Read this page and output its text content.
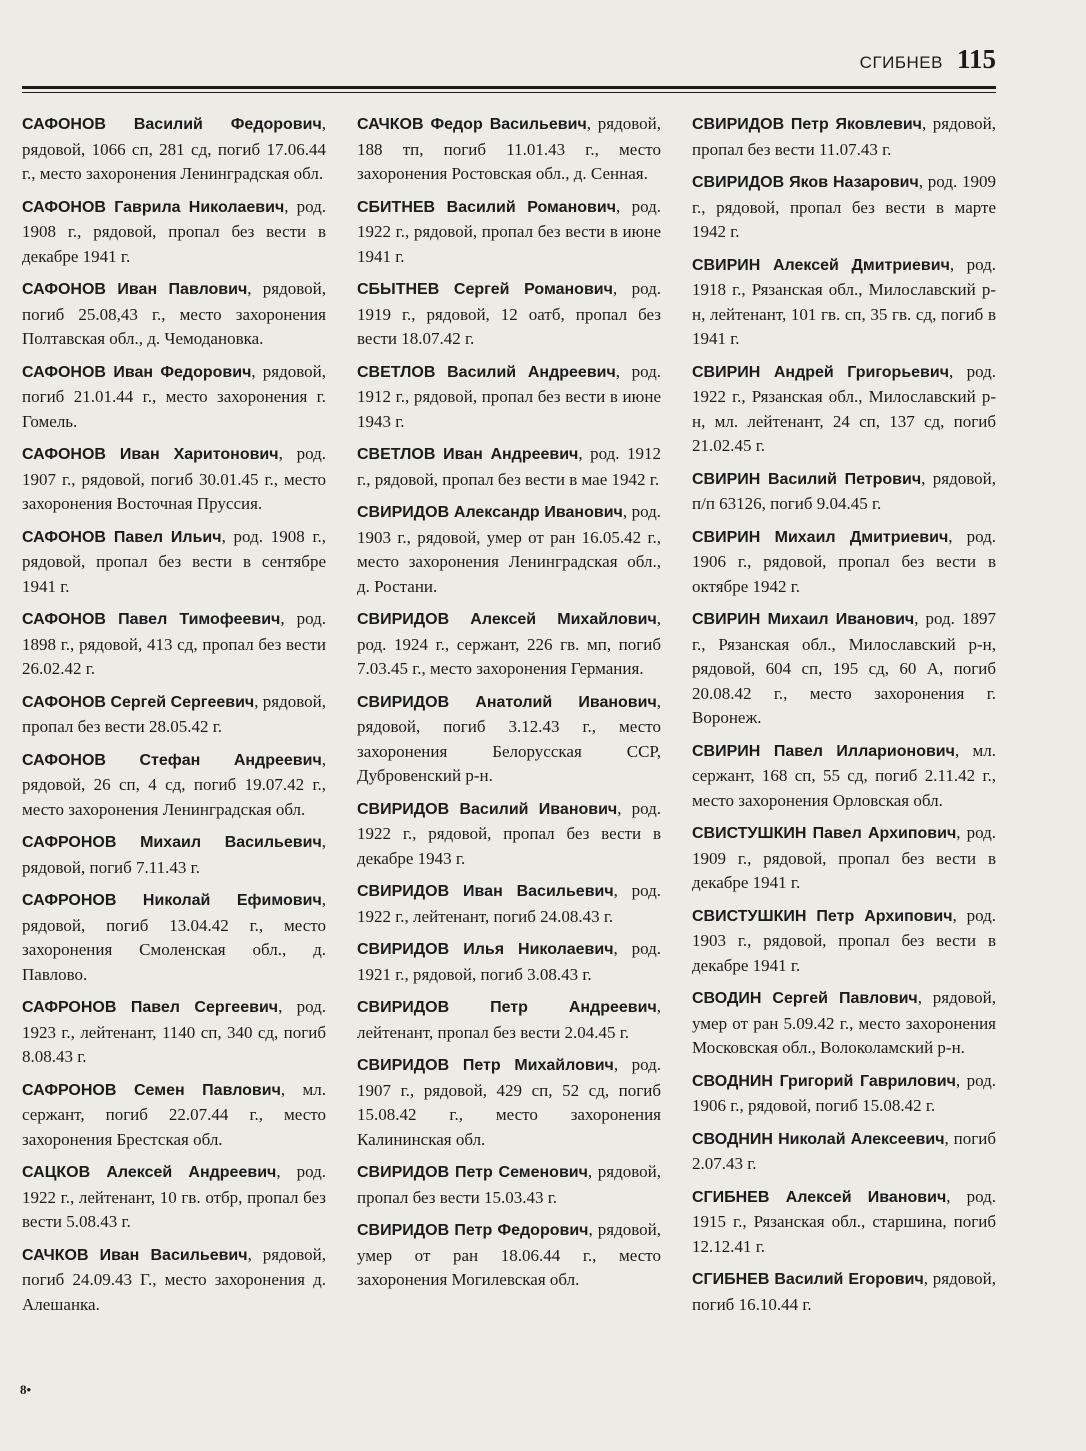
СГИБНЕВ 115

САФОНОВ Василий Федорович, рядовой, 1066 сп, 281 сд, погиб 17.06.44 г., место захоронения Ленинградская обл.

САФОНОВ Гаврила Николаевич, род. 1908 г., рядовой, пропал без вести в декабре 1941 г.

САФОНОВ Иван Павлович, рядовой, погиб 25.08,43 г., место захоронения Полтавская обл., д. Чемодановка.

САФОНОВ Иван Федорович, рядовой, погиб 21.01.44 г., место захоронения г. Гомель.

САФОНОВ Иван Харитонович, род. 1907 г., рядовой, погиб 30.01.45 г., место захоронения Восточная Пруссия.

САФОНОВ Павел Ильич, род. 1908 г., рядовой, пропал без вести в сентябре 1941 г.

САФОНОВ Павел Тимофеевич, род. 1898 г., рядовой, 413 сд, пропал без вести 26.02.42 г.

САФОНОВ Сергей Сергеевич, рядовой, пропал без вести 28.05.42 г.

САФОНОВ Стефан Андреевич, рядовой, 26 сп, 4 сд, погиб 19.07.42 г., место захоронения Ленинградская обл.

САФРОНОВ Михаил Васильевич, рядовой, погиб 7.11.43 г.

САФРОНОВ Николай Ефимович, рядовой, погиб 13.04.42 г., место захоронения Смоленская обл., д. Павлово.

САФРОНОВ Павел Сергеевич, род. 1923 г., лейтенант, 1140 сп, 340 сд, погиб 8.08.43 г.

САФРОНОВ Семен Павлович, мл. сержант, погиб 22.07.44 г., место захоронения Брестская обл.

САЦКОВ Алексей Андреевич, род. 1922 г., лейтенант, 10 гв. отбр, пропал без вести 5.08.43 г.

САЧКОВ Иван Васильевич, рядовой, погиб 24.09.43 Г., место захоронения д. Алешанка.

САЧКОВ Федор Васильевич, рядовой, 188 тп, погиб 11.01.43 г., место захоронения Ростовская обл., д. Сенная.

СБИТНЕВ Василий Романович, род. 1922 г., рядовой, пропал без вести в июне 1941 г.

СБЫТНЕВ Сергей Романович, род. 1919 г., рядовой, 12 оатб, пропал без вести 18.07.42 г.

СВЕТЛОВ Василий Андреевич, род. 1912 г., рядовой, пропал без вести в июне 1943 г.

СВЕТЛОВ Иван Андреевич, род. 1912 г., рядовой, пропал без вести в мае 1942 г.

СВИРИДОВ Александр Иванович, род. 1903 г., рядовой, умер от ран 16.05.42 г., место захоронения Ленинградская обл., д. Ростани.

СВИРИДОВ Алексей Михайлович, род. 1924 г., сержант, 226 гв. мп, погиб 7.03.45 г., место захоронения Германия.

СВИРИДОВ Анатолий Иванович, рядовой, погиб 3.12.43 г., место захоронения Белорусская ССР, Дубровенский р-н.

СВИРИДОВ Василий Иванович, род. 1922 г., рядовой, пропал без вести в декабре 1943 г.

СВИРИДОВ Иван Васильевич, род. 1922 г., лейтенант, погиб 24.08.43 г.

СВИРИДОВ Илья Николаевич, род. 1921 г., рядовой, погиб 3.08.43 г.

СВИРИДОВ Петр Андреевич, лейтенант, пропал без вести 2.04.45 г.

СВИРИДОВ Петр Михайлович, род. 1907 г., рядовой, 429 сп, 52 сд, погиб 15.08.42 г., место захоронения Калининская обл.

СВИРИДОВ Петр Семенович, рядовой, пропал без вести 15.03.43 г.

СВИРИДОВ Петр Федорович, рядовой, умер от ран 18.06.44 г., место захоронения Могилевская обл.

СВИРИДОВ Петр Яковлевич, рядовой, пропал без вести 11.07.43 г.

СВИРИДОВ Яков Назарович, род. 1909 г., рядовой, пропал без вести в марте 1942 г.

СВИРИН Алексей Дмитриевич, род. 1918 г., Рязанская обл., Милославский р-н, лейтенант, 101 гв. сп, 35 гв. сд, погиб в 1941 г.

СВИРИН Андрей Григорьевич, род. 1922 г., Рязанская обл., Милославский р-н, мл. лейтенант, 24 сп, 137 сд, погиб 21.02.45 г.

СВИРИН Василий Петрович, рядовой, п/п 63126, погиб 9.04.45 г.

СВИРИН Михаил Дмитриевич, род. 1906 г., рядовой, пропал без вести в октябре 1942 г.

СВИРИН Михаил Иванович, род. 1897 г., Рязанская обл., Милославский р-н, рядовой, 604 сп, 195 сд, 60 А, погиб 20.08.42 г., место захоронения г. Воронеж.

СВИРИН Павел Илларионович, мл. сержант, 168 сп, 55 сд, погиб 2.11.42 г., место захоронения Орловская обл.

СВИСТУШКИН Павел Архипович, род. 1909 г., рядовой, пропал без вести в декабре 1941 г.

СВИСТУШКИН Петр Архипович, род. 1903 г., рядовой, пропал без вести в декабре 1941 г.

СВОДИН Сергей Павлович, рядовой, умер от ран 5.09.42 г., место захоронения Московская обл., Волоколамский р-н.

СВОДНИН Григорий Гаврилович, род. 1906 г., рядовой, погиб 15.08.42 г.

СВОДНИН Николай Алексеевич, погиб 2.07.43 г.

СГИБНЕВ Алексей Иванович, род. 1915 г., Рязанская обл., старшина, погиб 12.12.41 г.

СГИБНЕВ Василий Егорович, рядовой, погиб 16.10.44 г.

8•
